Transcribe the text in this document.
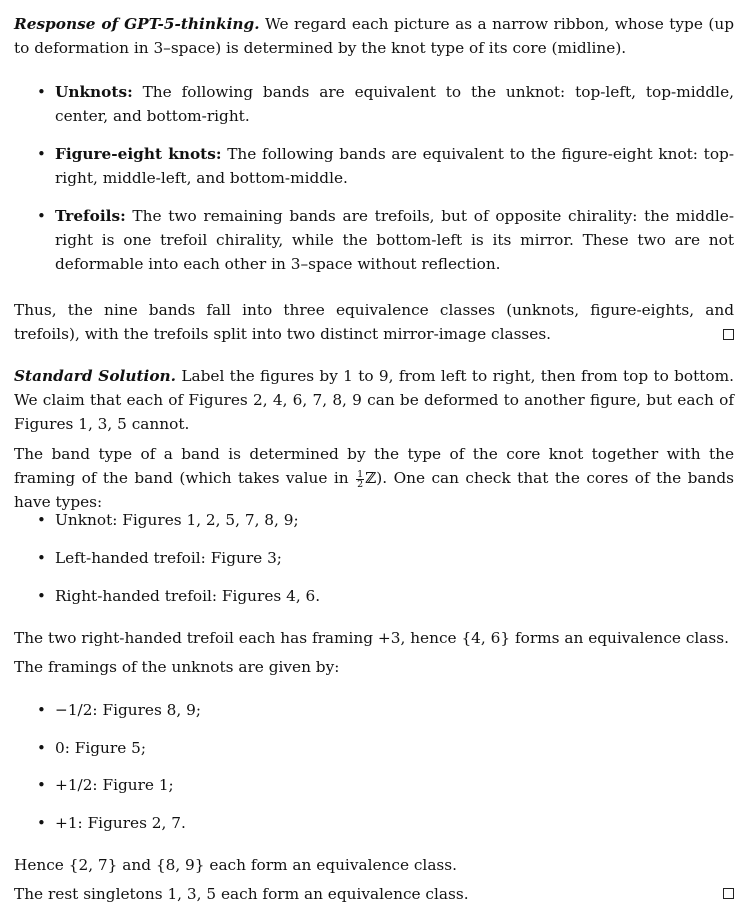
Response of GPT-5-thinking. We regard each picture as a narrow ribbon, whose type (up to deformation in 3–space) is determined by the knot type of its core (midline).

• Unknots: The following bands are equivalent to the unknot: top-left, top-middle, center, and bottom-right.

• Figure-eight knots: The following bands are equivalent to the figure-eight knot: top-right, middle-left, and bottom-middle.

• Trefoils: The two remaining bands are trefoils, but of opposite chirality: the middle-right is one trefoil chirality, while the bottom-left is its mirror. These two are not deformable into each other in 3–space without reflection.

Thus, the nine bands fall into three equivalence classes (unknots, figure-eights, and trefoils), with the trefoils split into two distinct mirror-image classes.

Standard Solution. Label the figures by 1 to 9, from left to right, then from top to bottom. We claim that each of Figures 2, 4, 6, 7, 8, 9 can be deformed to another figure, but each of Figures 1, 3, 5 cannot.

The band type of a band is determined by the type of the core knot together with the framing of the band (which takes value in $\frac{1}{2}$ ℤ). One can check that the cores of the bands have types:

• Unknot: Figures 1, 2, 5, 7, 8, 9;

• Left-handed trefoil: Figure 3;

• Right-handed trefoil: Figures 4, 6.

The two right-handed trefoil each has framing +3, hence {4, 6} forms an equivalence class.

The framings of the unknots are given by:

• −1/2: Figures 8, 9;

• 0: Figure 5;

• +1/2: Figure 1;

• +1: Figures 2, 7.

Hence {2, 7} and {8, 9} each form an equivalence class.

The rest singletons 1, 3, 5 each form an equivalence class.
